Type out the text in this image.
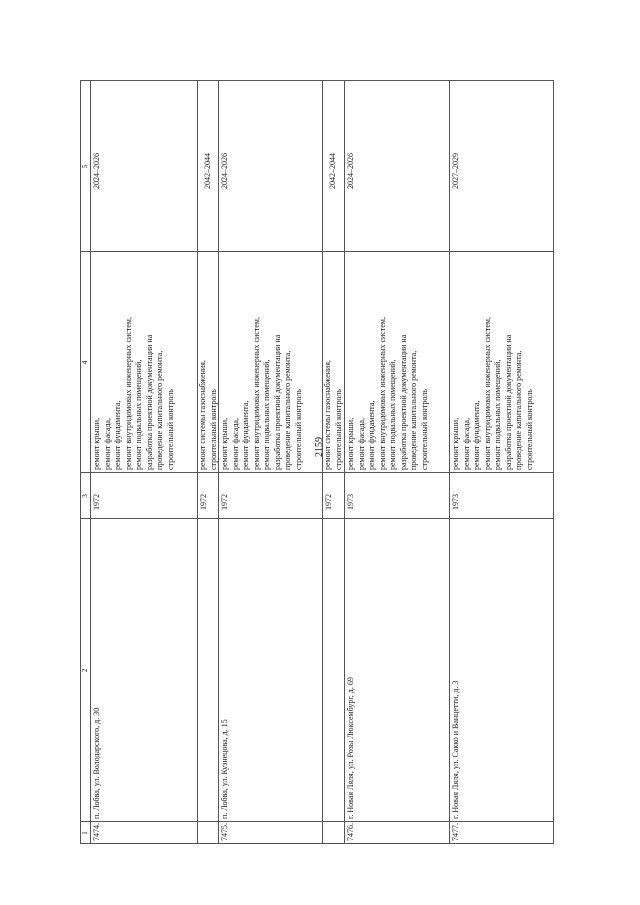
2159
1
2
3
4
5
7474.
п. Лобва, ул. Володарского, д. 30
1972
ремонт крыши, ремонт фасада, ремонт фундамента, ремонт внутридомовых инженерных систем, ремонт подвальных помещений, разработка проектной документации на проведение капитального ремонта, строительный контроль
2024–2026
1972
ремонт системы газоснабжения, строительный контроль
2042–2044
7475.
п. Лобва, ул. Кузнецова, д. 15
1972
ремонт крыши, ремонт фасада, ремонт фундамента, ремонт внутридомовых инженерных систем, ремонт подвальных помещений, разработка проектной документации на проведение капитального ремонта, строительный контроль
2024–2026
1972
ремонт системы газоснабжения, строительный контроль
2042–2044
7476.
г. Новая Ляля, ул. Розы Люксембург, д. 69
1973
ремонт крыши, ремонт фасада, ремонт фундамента, ремонт внутридомовых инженерных систем, ремонт подвальных помещений, разработка проектной документации на проведение капитального ремонта, строительный контроль
2024–2026
7477.
г. Новая Ляля, ул. Сакко и Ванцетти, д. 3
1973
ремонт крыши, ремонт фасада, ремонт фундамента, ремонт внутридомовых инженерных систем, ремонт подвальных помещений, разработка проектной документации на проведение капитального ремонта, строительный контроль
2027–2029
